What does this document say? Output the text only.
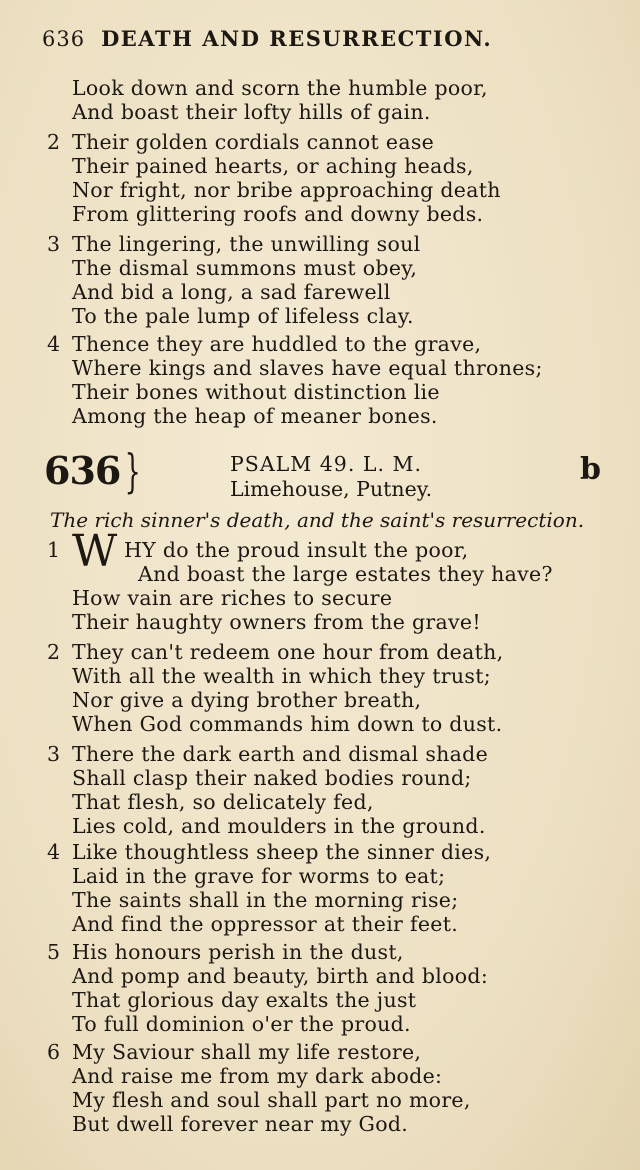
636 DEATH AND RESURRECTION.
Look down and scorn the humble poor,
And boast their lofty hills of gain.
2 Their golden cordials cannot ease
Their pained hearts, or aching heads,
Nor fright, nor bribe approaching death
From glittering roofs and downy beds.
3 The lingering, the unwilling soul
The dismal summons must obey,
And bid a long, a sad farewell
To the pale lump of lifeless clay.
4 Thence they are huddled to the grave,
Where kings and slaves have equal thrones;
Their bones without distinction lie
Among the heap of meaner bones.
636 }	PSALM 49. L. M.
Limehouse, Putney.
b
The rich sinner's death, and the saint's resurrection.
1 W HY do the proud insult the poor,
And boast the large estates they have?
How vain are riches to secure
Their haughty owners from the grave!
2 They can't redeem one hour from death,
With all the wealth in which they trust;
Nor give a dying brother breath,
When God commands him down to dust.
3 There the dark earth and dismal shade
Shall clasp their naked bodies round;
That flesh, so delicately fed,
Lies cold, and moulders in the ground.
4 Like thoughtless sheep the sinner dies,
Laid in the grave for worms to eat;
The saints shall in the morning rise;
And find the oppressor at their feet.
5 His honours perish in the dust,
And pomp and beauty, birth and blood:
That glorious day exalts the just
To full dominion o'er the proud.
6 My Saviour shall my life restore,
And raise me from my dark abode:
My flesh and soul shall part no more,
But dwell forever near my God.
